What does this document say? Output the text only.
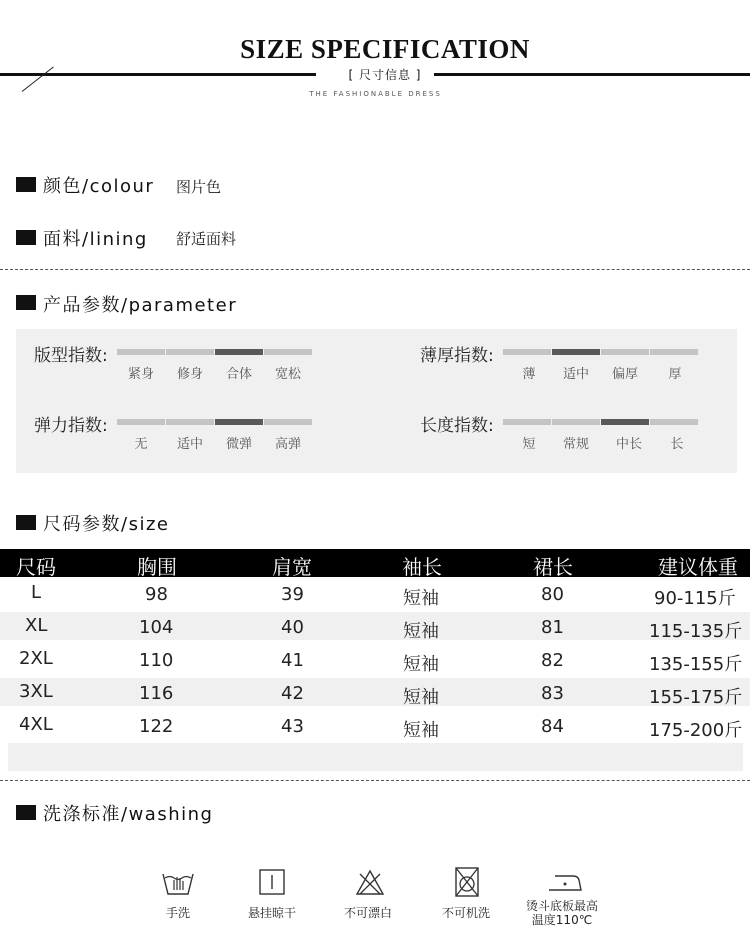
SIZE SPECIFICATION
[ 尺寸信息 ]
THE FASHIONABLE DRESS
颜色/colour 图片色
面料/lining 舒适面料
产品参数/parameter
版型指数:
紧身	修身	合体	宽松
薄厚指数:
薄	适中	偏厚	厚
弹力指数:
无	适中	微弹	高弹
长度指数:
短	常规	中长	长
尺码参数/size
尺码	胸围	肩宽	袖长	裙长	建议体重
L	98	39	短袖	80	90-115斤
XL	104	40	短袖	81	115-135斤
2XL	110	41	短袖	82	135-155斤
3XL	116	42	短袖	83	155-175斤
4XL	122	43	短袖	84	175-200斤
洗涤标准/washing
手洗	悬挂晾干	不可漂白	不可机洗	烫斗底板最高温度110℃
